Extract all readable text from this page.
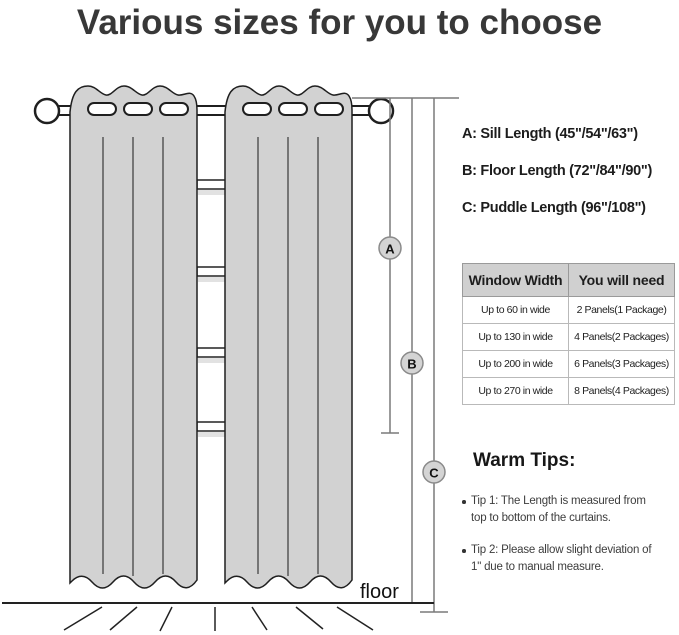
Various sizes for you to choose
A
B
C
floor
A: Sill Length (45"/54"/63")
B: Floor Length (72"/84"/90")
C: Puddle Length (96"/108")
Window Width	You will need
Up to 60 in wide	2 Panels(1 Package)
Up to 130 in wide	4 Panels(2 Packages)
Up to 200 in wide	6 Panels(3 Packages)
Up to 270 in wide	8 Panels(4 Packages)
Warm Tips:
Tip 1: The Length is measured from
top to bottom of the curtains.
Tip 2: Please allow slight deviation of
1" due to manual measure.
